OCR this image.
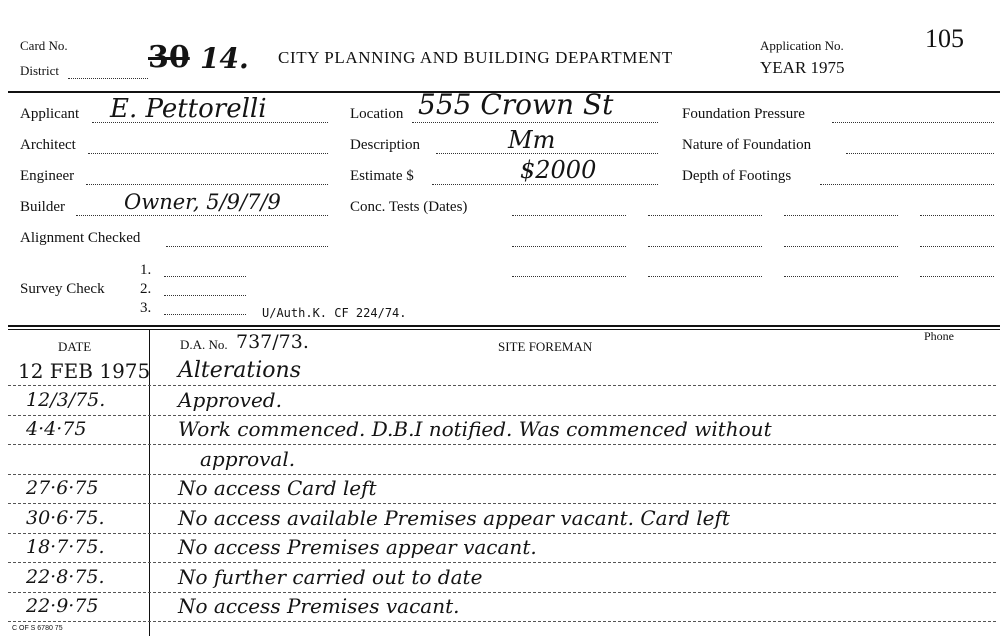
Card No.
District	30 14. CITY PLANNING AND BUILDING DEPARTMENT
Application No.
YEAR 1975
105
Applicant E. Pettorelli
Architect
Engineer
Builder	Owner, 5/9/7/9
Alignment Checked
Survey Check
1.
2.
3.	U/Auth.K. CF 224/74.
Location 555 Crown St
Description	Mm
Estimate $	$2000
Conc. Tests (Dates)
Foundation Pressure
Nature of Foundation
Depth of Footings
DATE	D.A. No. 737/73.	SITE FOREMAN
Phone
12 FEB 1975 Alterations
12/3/75.	Approved.
4·4·75	Work commenced. D.B.I notified. Was commenced without
approval.
27·6·75	No access Card left
30·6·75.	No access available Premises appear vacant. Card left
18·7·75.	No access Premises appear vacant.
22·8·75.	No further carried out to date
22·9·75	No access Premises vacant.
C OF S 6780 75
